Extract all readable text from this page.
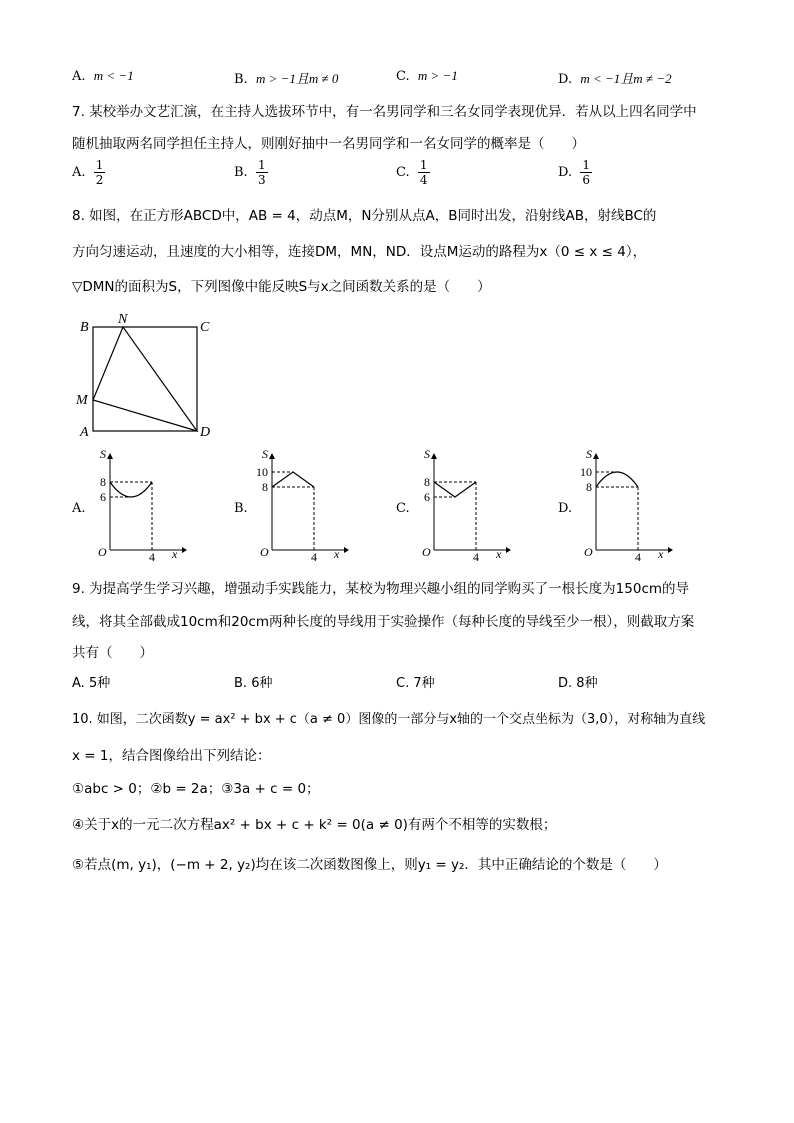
A. m < −1	B. m > −1且m ≠ 0	C. m > −1	D. m < −1且m ≠ −2
7. 某校举办文艺汇演，在主持人选拔环节中，有一名男同学和三名女同学表现优异．若从以上四名同学中
随机抽取两名同学担任主持人，则刚好抽中一名男同学和一名女同学的概率是（　　）
A. $\frac{1}{2}$	B. $\frac{1}{3}$	C. $\frac{1}{4}$	D. $\frac{1}{6}$
8. 如图，在正方形ABCD中，AB = 4，动点M，N分别从点A，B同时出发，沿射线AB，射线BC的
方向匀速运动，且速度的大小相等，连接DM，MN，ND．设点M运动的路程为x（0 ≤ x ≤ 4），
▽DMN的面积为S，下列图像中能反映S与x之间函数关系的是（　　）
B
N
C
M
A	D
A.
S
8
6
O	4 x
B.
S
10
8
O	4 x
C.
S
8
6
O	4 x
D.
S
10
8
O	4 x
9. 为提高学生学习兴趣，增强动手实践能力，某校为物理兴趣小组的同学购买了一根长度为150cm的导
线，将其全部截成10cm和20cm两种长度的导线用于实验操作（每种长度的导线至少一根），则截取方案
共有（　　）
A. 5种	B. 6种	C. 7种	D. 8种
10. 如图，二次函数y = ax² + bx + c（a ≠ 0）图像的一部分与x轴的一个交点坐标为（3,0），对称轴为直线
x = 1，结合图像给出下列结论：
①abc > 0；②b = 2a；③3a + c = 0；
④关于x的一元二次方程ax² + bx + c + k² = 0(a ≠ 0)有两个不相等的实数根；
⑤若点(m, y₁)，(−m + 2, y₂)均在该二次函数图像上，则y₁ = y₂．其中正确结论的个数是（　　）
